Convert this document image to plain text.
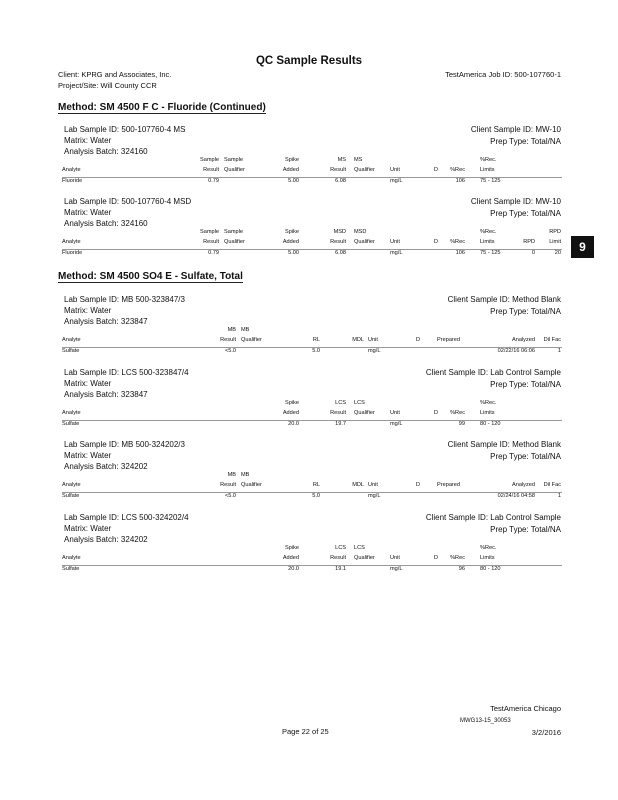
QC Sample Results
Client: KPRG and Associates, Inc.
Project/Site: Will County CCR
TestAmerica Job ID: 500-107760-1
Method: SM 4500 F C - Fluoride (Continued)
Method: SM 4500 SO4 E - Sulfate, Total
9
Lab Sample ID: 500-107760-4 MS
Matrix: Water
Analysis Batch: 324160
Client Sample ID: MW-10
Prep Type: Total/NA
Analyte
Sample Sample	Spike	MS MS	%Rec.
Result Qualifier	Added	Result Qualifier	Unit	D %Rec	Limits
Fluoride	0.79	5.00	6.08	mg/L	106	75 - 125
Lab Sample ID: 500-107760-4 MSD
Matrix: Water
Analysis Batch: 324160
Client Sample ID: MW-10
Prep Type: Total/NA
Analyte
Sample Sample	Spike	MSD MSD	%Rec.	RPD
Result Qualifier	Added	Result Qualifier	Unit	D %Rec	Limits	RPD	Limit
Fluoride	0.79	5.00	6.08	mg/L	106	75 - 125	0	20
Lab Sample ID: MB 500-323847/3
Matrix: Water
Analysis Batch: 323847
Client Sample ID: Method Blank
Prep Type: Total/NA
Analyte
MB MB
Result Qualifier	RL	MDL Unit	D	Prepared	Analyzed Dil Fac
Sulfate	<5.0	5.0	mg/L	02/22/16 06:06	1
Lab Sample ID: LCS 500-323847/4
Matrix: Water
Analysis Batch: 323847
Client Sample ID: Lab Control Sample
Prep Type: Total/NA
Analyte
Spike	LCS LCS	%Rec.
Added	Result Qualifier	Unit	D %Rec	Limits
Sulfate	20.0	19.7	mg/L	99	80 - 120
Lab Sample ID: MB 500-324202/3
Matrix: Water
Analysis Batch: 324202
Client Sample ID: Method Blank
Prep Type: Total/NA
Analyte
MB MB
Result Qualifier	RL	MDL Unit	D	Prepared	Analyzed Dil Fac
Sulfate	<5.0	5.0	mg/L	02/24/16 04:58	1
Lab Sample ID: LCS 500-324202/4
Matrix: Water
Analysis Batch: 324202
Client Sample ID: Lab Control Sample
Prep Type: Total/NA
Analyte
Spike	LCS LCS	%Rec.
Added	Result Qualifier	Unit	D %Rec	Limits
Sulfate	20.0	19.1	mg/L	96	80 - 120
TestAmerica Chicago
MWG13-15_30053
Page 22 of 25	3/2/2016
